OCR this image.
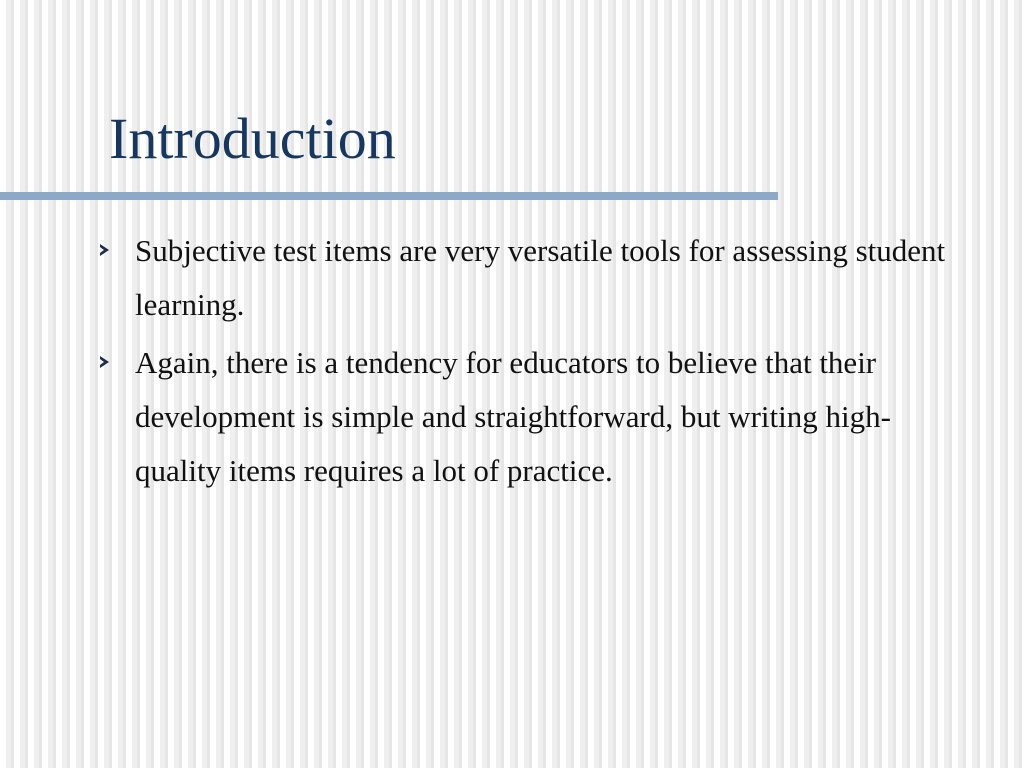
Introduction
Subjective test items are very versatile tools for assessing student learning.
Again, there is a tendency for educators to believe that their development is simple and straightforward, but writing high-quality items requires a lot of practice.
